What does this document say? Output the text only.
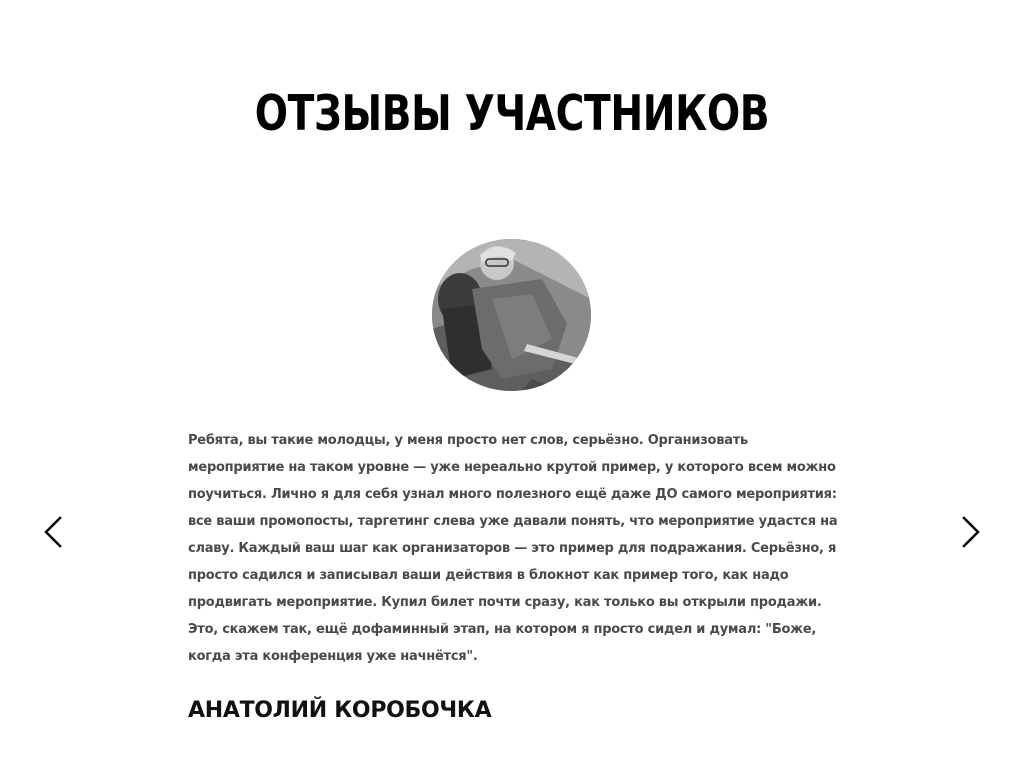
ОТЗЫВЫ УЧАСТНИКОВ

Ребята, вы такие молодцы, у меня просто нет слов, серьёзно. Организовать мероприятие на таком уровне — уже нереально крутой пример, у которого всем можно поучиться. Лично я для себя узнал много полезного ещё даже ДО самого мероприятия: все ваши промопосты, таргетинг слева уже давали понять, что мероприятие удастся на славу. Каждый ваш шаг как организаторов — это пример для подражания. Серьёзно, я просто садился и записывал ваши действия в блокнот как пример того, как надо продвигать мероприятие. Купил билет почти сразу, как только вы открыли продажи. Это, скажем так, ещё дофаминный этап, на котором я просто сидел и думал: "Боже, когда эта конференция уже начнётся".

АНАТОЛИЙ КОРОБОЧКА
